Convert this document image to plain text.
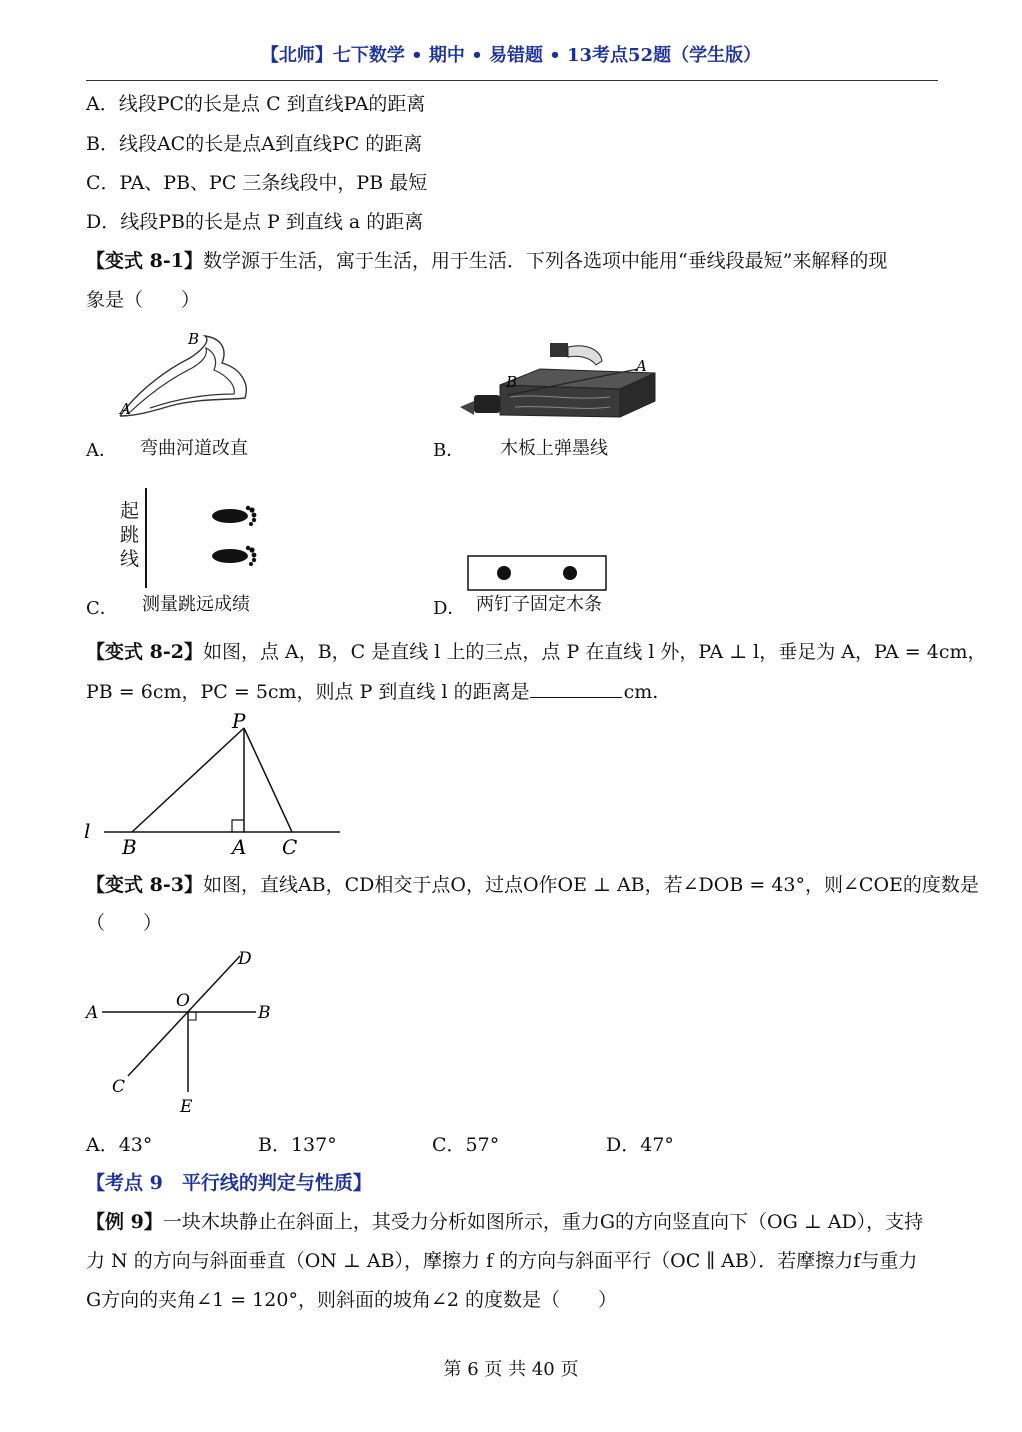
【北师】七下数学 • 期中 • 易错题 • 13考点52题（学生版）
A．线段PC的长是点 C 到直线PA的距离
B．线段AC的长是点A到直线PC 的距离
C．PA、PB、PC 三条线段中，PB 最短
D．线段PB的长是点 P 到直线 a 的距离
【变式 8-1】数学源于生活，寓于生活，用于生活．下列各选项中能用“垂线段最短”来解释的现
象是（　　）
A
B
A． 弯曲河道改直
B
A
B． 木板上弹墨线
起
跳
线
C． 测量跳远成绩	D． 两钉子固定木条
【变式 8-2】如图，点 A，B，C 是直线 l 上的三点，点 P 在直线 l 外，PA ⊥ l，垂足为 A，PA = 4cm，
PB = 6cm，PC = 5cm，则点 P 到直线 l 的距离是	cm.
P
l
B	A C
【变式 8-3】如图，直线AB，CD相交于点O，过点O作OE ⊥ AB，若∠DOB = 43°，则∠COE的度数是
（　　）
A	B
C
D
O
E
A．43°	B．137°	C．57°	D．47°
【考点 9　平行线的判定与性质】
【例 9】一块木块静止在斜面上，其受力分析如图所示，重力G的方向竖直向下（OG ⊥ AD），支持
力 N 的方向与斜面垂直（ON ⊥ AB），摩擦力 f 的方向与斜面平行（OC ∥ AB）．若摩擦力f与重力
G方向的夹角∠1 = 120°，则斜面的坡角∠2 的度数是（　　）
第 6 页 共 40 页
